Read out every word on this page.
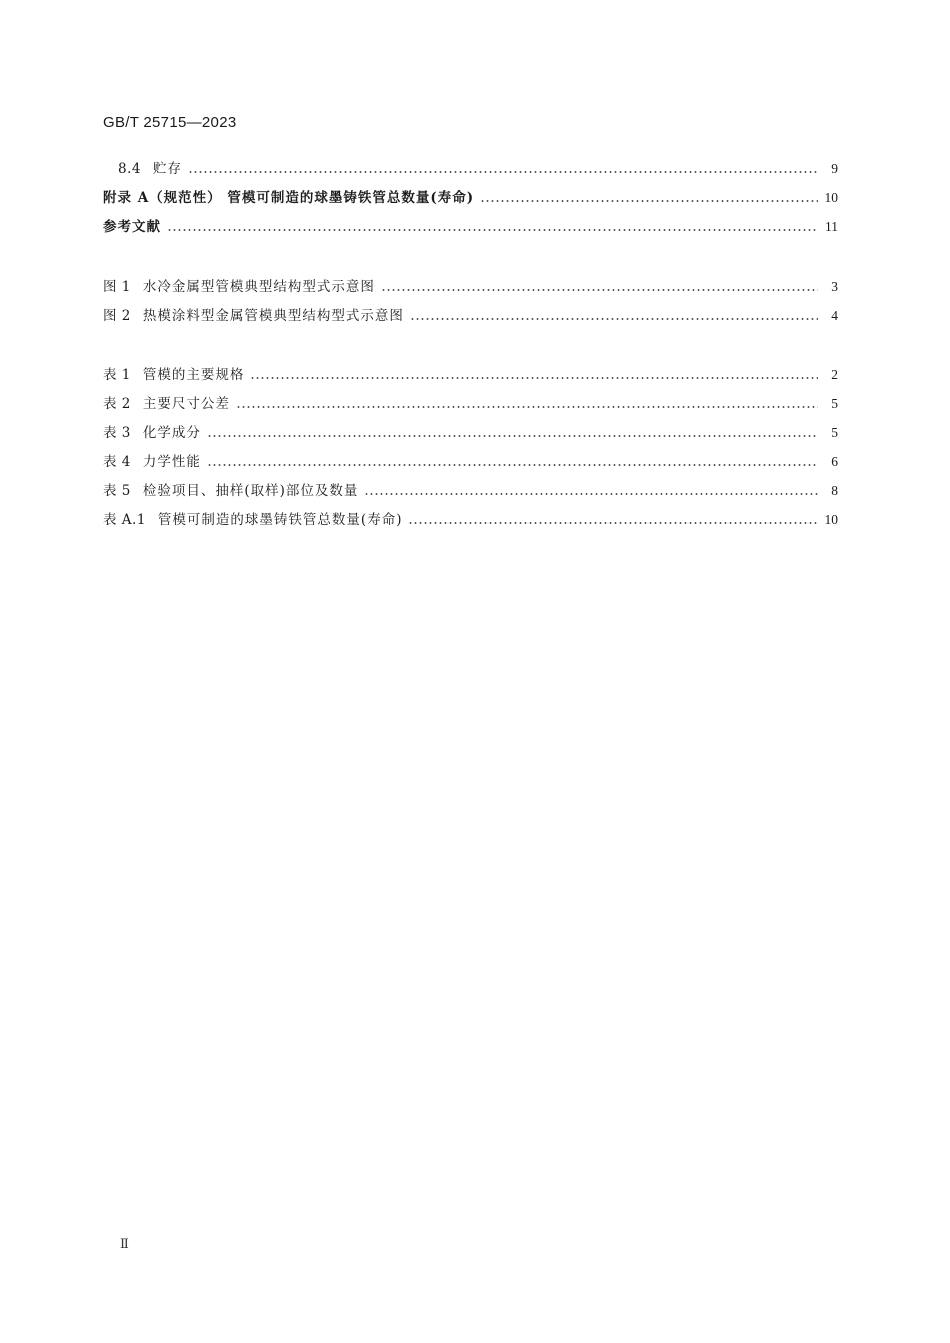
GB/T 25715—2023
8.4 贮存	9
附录 A（规范性） 管模可制造的球墨铸铁管总数量(寿命)	10
参考文献	11
图 1 水冷金属型管模典型结构型式示意图	3
图 2 热模涂料型金属管模典型结构型式示意图	4
表 1 管模的主要规格	2
表 2 主要尺寸公差	5
表 3 化学成分	5
表 4 力学性能	6
表 5 检验项目、抽样(取样)部位及数量	8
表 A.1 管模可制造的球墨铸铁管总数量(寿命)	10
Ⅱ
